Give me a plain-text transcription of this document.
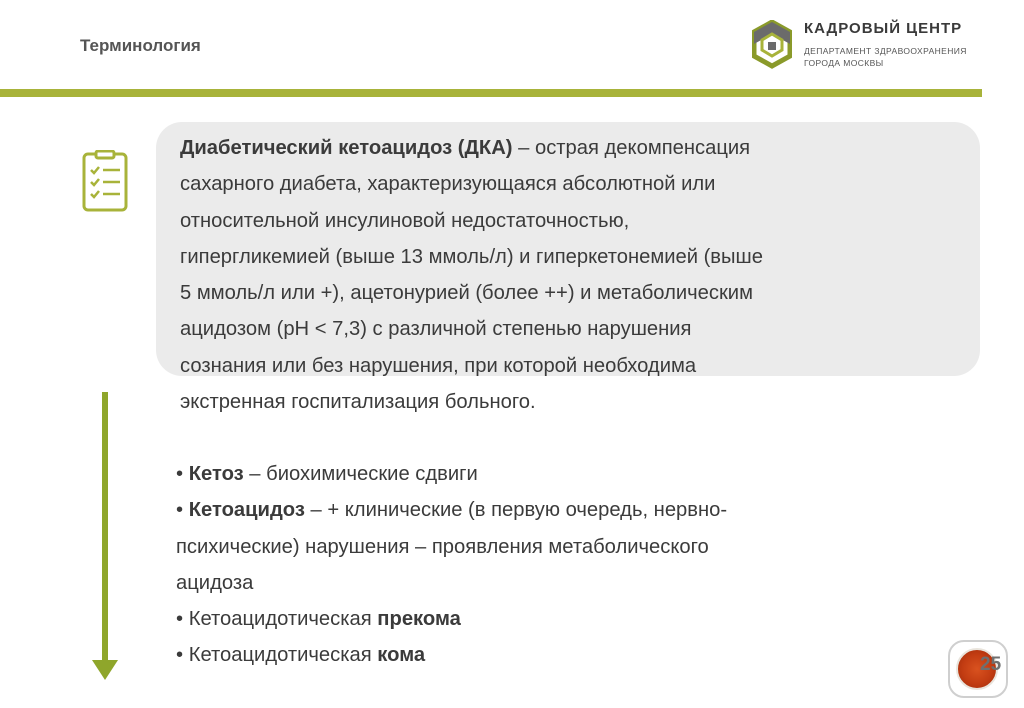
Терминология
КАДРОВЫЙ ЦЕНТР
ДЕПАРТАМЕНТ ЗДРАВООХРАНЕНИЯ
ГОРОДА МОСКВЫ
Диабетический кетоацидоз (ДКА) – острая декомпенсация
сахарного диабета, характеризующаяся абсолютной или
относительной инсулиновой недостаточностью,
гипергликемией (выше 13 ммоль/л) и гиперкетонемией (выше
5 ммоль/л или +), ацетонурией (более ++) и метаболическим
ацидозом (pH < 7,3) с различной степенью нарушения
сознания или без нарушения, при которой необходима
экстренная госпитализация больного.
• Кетоз – биохимические сдвиги
• Кетоацидоз – + клинические (в первую очередь, нервно-
психические) нарушения – проявления метаболического
ацидоза
• Кетоацидотическая прекома
• Кетоацидотическая кома	25
